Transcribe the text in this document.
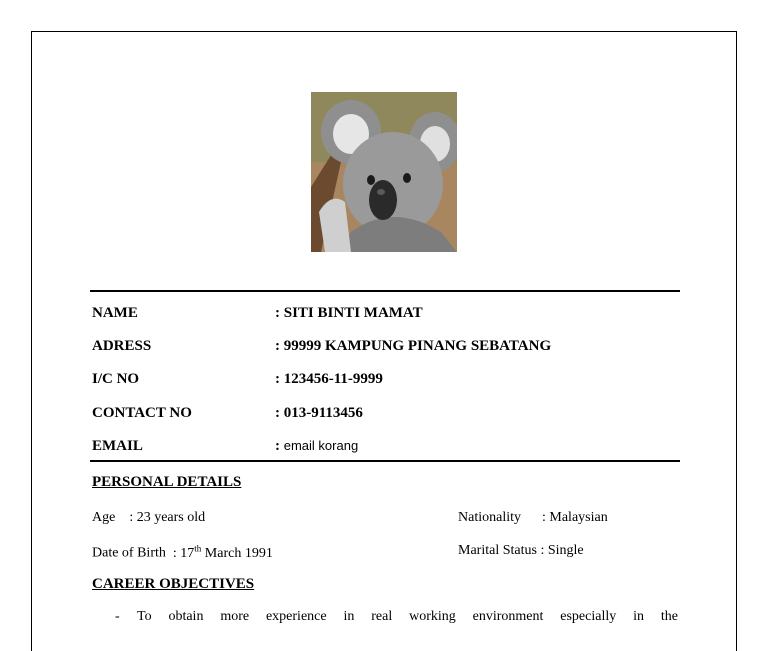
NAME	: SITI BINTI MAMAT
ADRESS	: 99999 KAMPUNG PINANG SEBATANG
I/C NO	: 123456-11-9999
CONTACT NO	: 013-9113456
EMAIL	: email korang
PERSONAL DETAILS
Age : 23 years old	Nationality : Malaysian
Date of Birth : 17th March 1991	Marital Status : Single
CAREER OBJECTIVES
- To obtain more experience in real working environment especially in the
